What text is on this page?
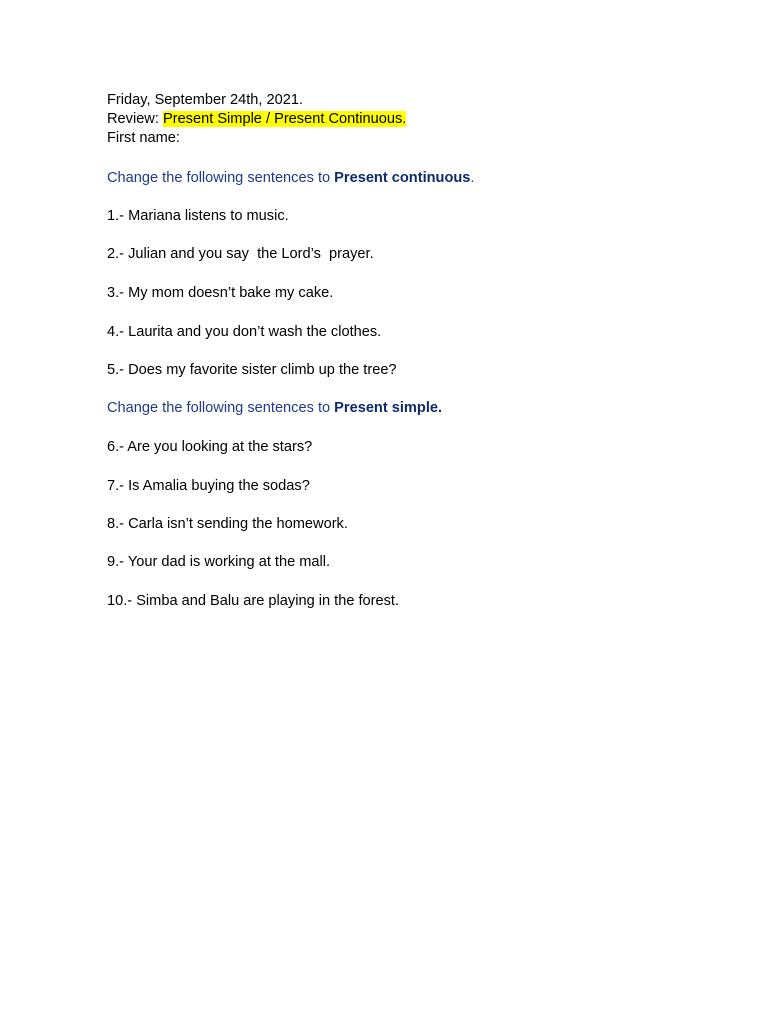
Friday, September 24th, 2021.
Review: Present Simple / Present Continuous.
First name:
Change the following sentences to Present continuous.
1.- Mariana listens to music.
2.- Julian and you say  the Lord’s  prayer.
3.- My mom doesn’t bake my cake.
4.- Laurita and you don’t wash the clothes.
5.- Does my favorite sister climb up the tree?
Change the following sentences to Present simple.
6.- Are you looking at the stars?
7.- Is Amalia buying the sodas?
8.- Carla isn’t sending the homework.
9.- Your dad is working at the mall.
10.- Simba and Balu are playing in the forest.
